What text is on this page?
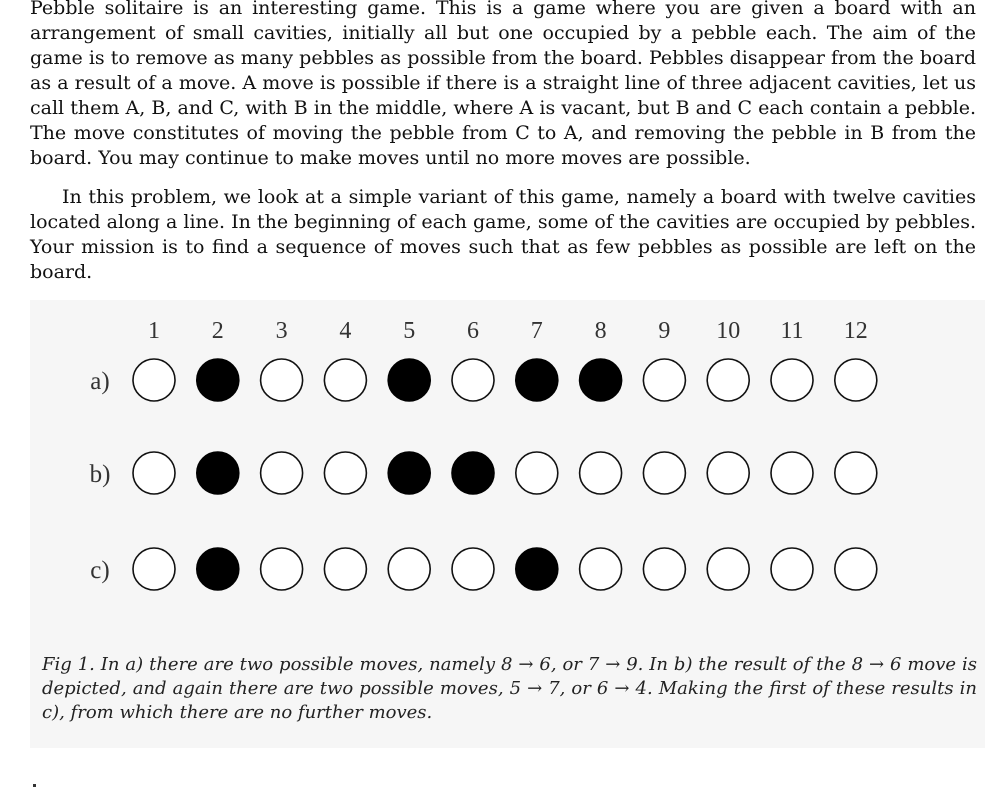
Pebble solitaire is an interesting game. This is a game where you are given a board with an arrangement of small cavities, initially all but one occupied by a pebble each. The aim of the game is to remove as many pebbles as possible from the board. Pebbles disappear from the board as a result of a move. A move is possible if there is a straight line of three adjacent cavities, let us call them A, B, and C, with B in the middle, where A is vacant, but B and C each contain a pebble. The move constitutes of moving the pebble from C to A, and removing the pebble in B from the board. You may continue to make moves until no more moves are possible.

In this problem, we look at a simple variant of this game, namely a board with twelve cavities located along a line. In the beginning of each game, some of the cavities are occupied by pebbles. Your mission is to find a sequence of moves such that as few pebbles as possible are left on the board.

1 2 3 4 5 6 7 8 9 10 11 12
a)
b)
c)
Fig 1. In a) there are two possible moves, namely 8 → 6, or 7 → 9. In b) the result of the 8 → 6 move is depicted, and again there are two possible moves, 5 → 7, or 6 → 4. Making the first of these results in c), from which there are no further moves.
